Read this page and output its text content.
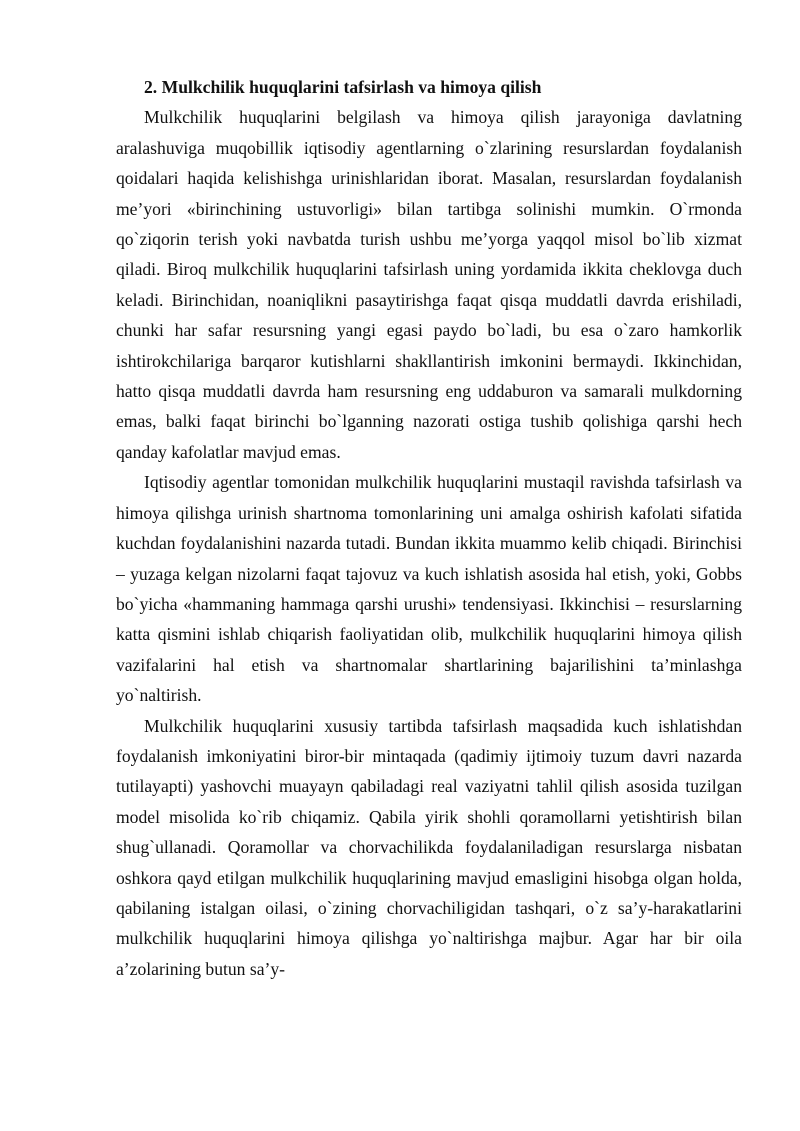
2. Mulkchilik huquqlarini tafsirlash va himoya qilish

Mulkchilik huquqlarini belgilash va himoya qilish jarayoniga davlatning aralashuviga muqobillik iqtisodiy agentlarning o`zlarining resurslardan foydalanish qoidalari haqida kelishishga urinishlaridan iborat. Masalan, resurslardan foydalanish me’yori «birinchining ustuvorligi» bilan tartibga solinishi mumkin. O`rmonda qo`ziqorin terish yoki navbatda turish ushbu me’yorga yaqqol misol bo`lib xizmat qiladi. Biroq mulkchilik huquqlarini tafsirlash uning yordamida ikkita cheklovga duch keladi. Birinchidan, noaniqlikni pasaytirishga faqat qisqa muddatli davrda erishiladi, chunki har safar resursning yangi egasi paydo bo`ladi, bu esa o`zaro hamkorlik ishtirokchilariga barqaror kutishlarni shakllantirish imkonini bermaydi. Ikkinchidan, hatto qisqa muddatli davrda ham resursning eng uddaburon va samarali mulkdorning emas, balki faqat birinchi bo`lganning nazorati ostiga tushib qolishiga qarshi hech qanday kafolatlar mavjud emas.

Iqtisodiy agentlar tomonidan mulkchilik huquqlarini mustaqil ravishda tafsirlash va himoya qilishga urinish shartnoma tomonlarining uni amalga oshirish kafolati sifatida kuchdan foydalanishini nazarda tutadi. Bundan ikkita muammo kelib chiqadi. Birinchisi – yuzaga kelgan nizolarni faqat tajovuz va kuch ishlatish asosida hal etish, yoki, Gobbs bo`yicha «hammaning hammaga qarshi urushi» tendensiyasi. Ikkinchisi – resurslarning katta qismini ishlab chiqarish faoliyatidan olib, mulkchilik huquqlarini himoya qilish vazifalarini hal etish va shartnomalar shartlarining bajarilishini ta’minlashga yo`naltirish.

Mulkchilik huquqlarini xususiy tartibda tafsirlash maqsadida kuch ishlatishdan foydalanish imkoniyatini biror-bir mintaqada (qadimiy ijtimoiy tuzum davri nazarda tutilayapti) yashovchi muayayn qabiladagi real vaziyatni tahlil qilish asosida tuzilgan model misolida ko`rib chiqamiz. Qabila yirik shohli qoramollarni yetishtirish bilan shug`ullanadi. Qoramollar va chorvachilikda foydalaniladigan resurslarga nisbatan oshkora qayd etilgan mulkchilik huquqlarining mavjud emasligini hisobga olgan holda, qabilaning istalgan oilasi, o`zining chorvachiligidan tashqari, o`z sa’y-harakatlarini mulkchilik huquqlarini himoya qilishga yo`naltirishga majbur. Agar har bir oila a’zolarining butun sa’y-
